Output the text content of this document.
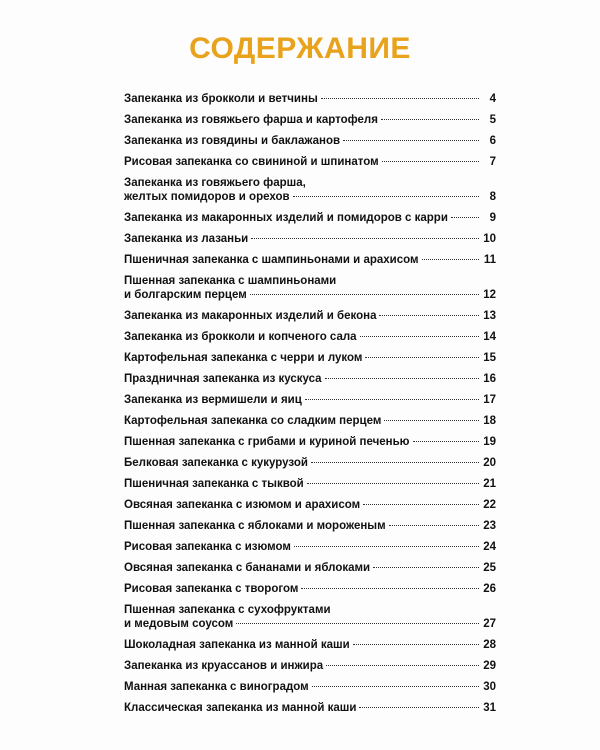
СОДЕРЖАНИЕ
Запеканка из брокколи и ветчины	4
Запеканка из говяжьего фарша и картофеля	5
Запеканка из говядины и баклажанов	6
Рисовая запеканка со свининой и шпинатом	7
Запеканка из говяжьего фарша,
желтых помидоров и орехов	8
Запеканка из макаронных изделий и помидоров с карри	9
Запеканка из лазаньи	10
Пшеничная запеканка с шампиньонами и арахисом	11
Пшенная запеканка с шампиньонами
и болгарским перцем	12
Запеканка из макаронных изделий и бекона	13
Запеканка из брокколи и копченого сала	14
Картофельная запеканка с черри и луком	15
Праздничная запеканка из кускуса	16
Запеканка из вермишели и яиц	17
Картофельная запеканка со сладким перцем	18
Пшенная запеканка с грибами и куриной печенью	19
Белковая запеканка с кукурузой	20
Пшеничная запеканка с тыквой	21
Овсяная запеканка с изюмом и арахисом	22
Пшенная запеканка с яблоками и мороженым	23
Рисовая запеканка с изюмом	24
Овсяная запеканка с бананами и яблоками	25
Рисовая запеканка с творогом	26
Пшенная запеканка с сухофруктами
и медовым соусом	27
Шоколадная запеканка из манной каши	28
Запеканка из круассанов и инжира	29
Манная запеканка с виноградом	30
Классическая запеканка из манной каши	31
